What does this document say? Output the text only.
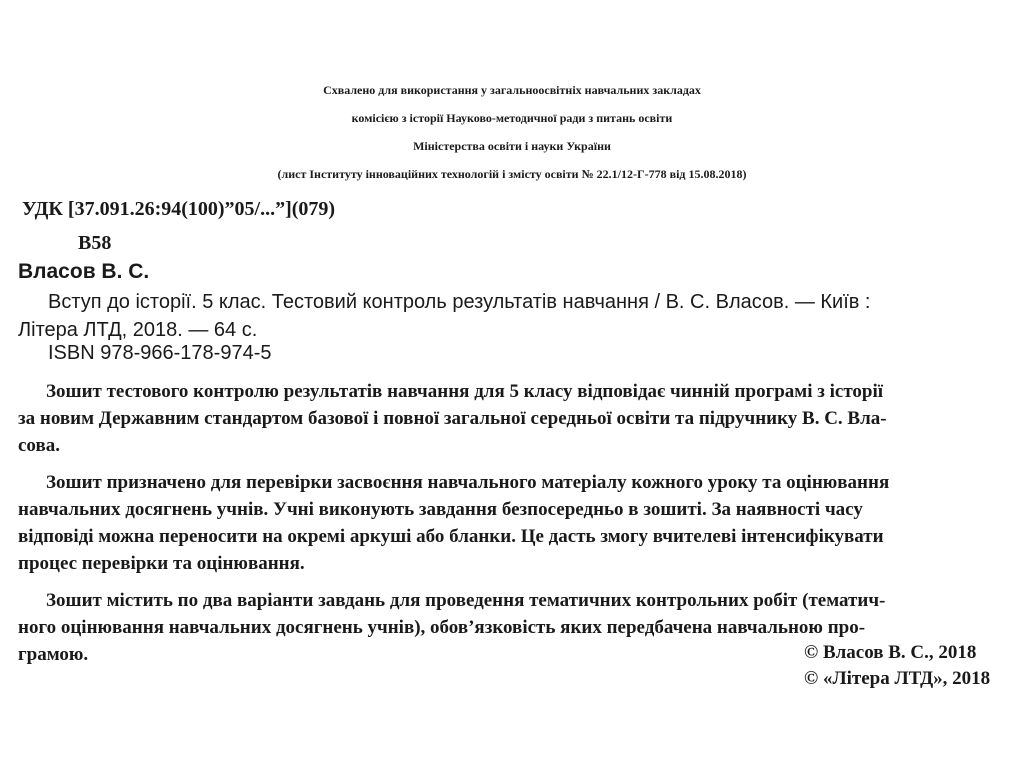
Схвалено для використання у загальноосвітніх навчальних закладах
комісією з історії Науково-методичної ради з питань освіти
Міністерства освіти і науки України
(лист Інституту інноваційних технологій і змісту освіти № 22.1/12-Г-778 від 15.08.2018)
УДК [37.091.26:94(100)”05/...”](079)
В58
Власов В. С.
Вступ до історії. 5 клас. Тестовий контроль результатів навчання / В. С. Власов. — Київ :
Літера ЛТД, 2018. — 64 с.
ISBN 978-966-178-974-5
Зошит тестового контролю результатів навчання для 5 класу відповідає чинній програмі з історії
за новим Державним стандартом базової і повної загальної середньої освіти та підручнику В. С. Вла-
сова.
Зошит призначено для перевірки засвоєння навчального матеріалу кожного уроку та оцінювання
навчальних досягнень учнів. Учні виконують завдання безпосередньо в зошиті. За наявності часу
відповіді можна переносити на окремі аркуші або бланки. Це дасть змогу вчителеві інтенсифікувати
процес перевірки та оцінювання.
Зошит містить по два варіанти завдань для проведення тематичних контрольних робіт (тематич-
ного оцінювання навчальних досягнень учнів), обов’язковість яких передбачена навчальною про-
грамою.	© Власов В. С., 2018
© «Літера ЛТД», 2018
